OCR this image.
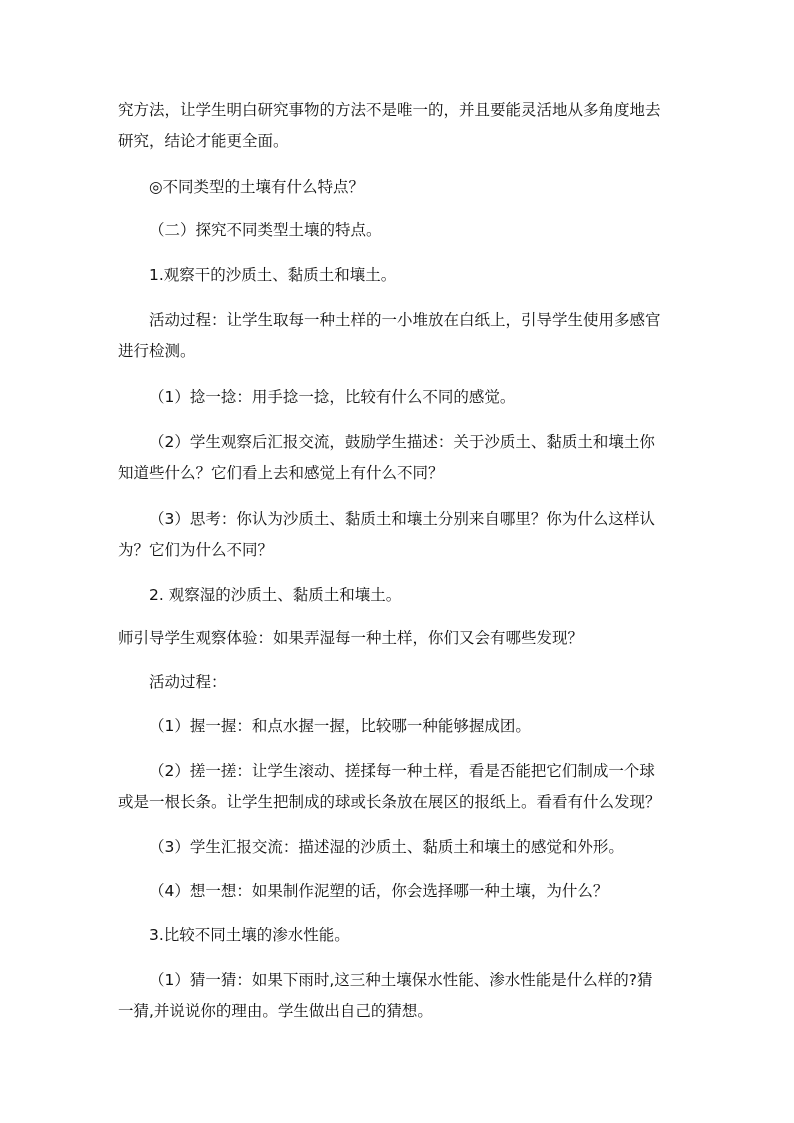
究方法，让学生明白研究事物的方法不是唯一的，并且要能灵活地从多角度地去
研究，结论才能更全面。
◎不同类型的土壤有什么特点？
（二）探究不同类型土壤的特点。
1.观察干的沙质土、黏质土和壤土。
活动过程：让学生取每一种土样的一小堆放在白纸上，引导学生使用多感官
进行检测。
（1）捻一捻：用手捻一捻，比较有什么不同的感觉。
（2）学生观察后汇报交流，鼓励学生描述：关于沙质土、黏质土和壤土你
知道些什么？它们看上去和感觉上有什么不同？
（3）思考：你认为沙质土、黏质土和壤土分别来自哪里？你为什么这样认
为？它们为什么不同？
2. 观察湿的沙质土、黏质土和壤土。
师引导学生观察体验：如果弄湿每一种土样，你们又会有哪些发现？
活动过程：
（1）握一握：和点水握一握，比较哪一种能够握成团。
（2）搓一搓：让学生滚动、搓揉每一种土样，看是否能把它们制成一个球
或是一根长条。让学生把制成的球或长条放在展区的报纸上。看看有什么发现？
（3）学生汇报交流：描述湿的沙质土、黏质土和壤土的感觉和外形。
（4）想一想：如果制作泥塑的话，你会选择哪一种土壤，为什么？
3.比较不同土壤的渗水性能。
（1）猜一猜：如果下雨时,这三种土壤保水性能、渗水性能是什么样的?猜
一猜,并说说你的理由。学生做出自己的猜想。
